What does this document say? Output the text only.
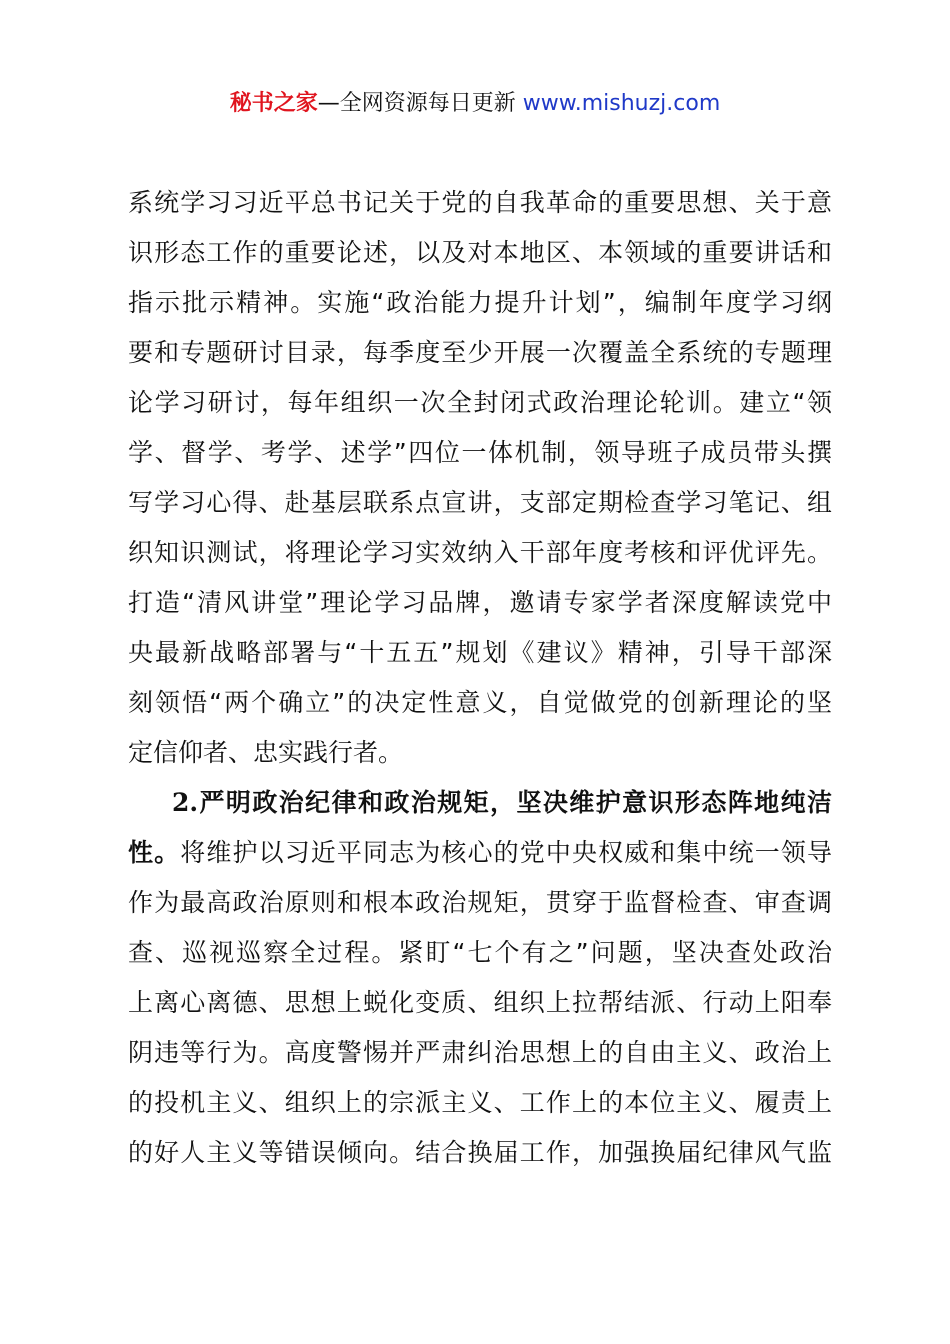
秘书之家—全网资源每日更新 www.mishuzj.com
系统学习习近平总书记关于党的自我革命的重要思想、关于意
识形态工作的重要论述，以及对本地区、本领域的重要讲话和
指示批示精神。实施“政治能力提升计划”，编制年度学习纲
要和专题研讨目录，每季度至少开展一次覆盖全系统的专题理
论学习研讨，每年组织一次全封闭式政治理论轮训。建立“领
学、督学、考学、述学”四位一体机制，领导班子成员带头撰
写学习心得、赴基层联系点宣讲，支部定期检查学习笔记、组
织知识测试，将理论学习实效纳入干部年度考核和评优评先。
打造“清风讲堂”理论学习品牌，邀请专家学者深度解读党中
央最新战略部署与“十五五”规划《建议》精神，引导干部深
刻领悟“两个确立”的决定性意义，自觉做党的创新理论的坚
定信仰者、忠实践行者。
2.严明政治纪律和政治规矩，坚决维护意识形态阵地纯洁
性。将维护以习近平同志为核心的党中央权威和集中统一领导
作为最高政治原则和根本政治规矩，贯穿于监督检查、审查调
查、巡视巡察全过程。紧盯“七个有之”问题，坚决查处政治
上离心离德、思想上蜕化变质、组织上拉帮结派、行动上阳奉
阴违等行为。高度警惕并严肃纠治思想上的自由主义、政治上
的投机主义、组织上的宗派主义、工作上的本位主义、履责上
的好人主义等错误倾向。结合换届工作，加强换届纪律风气监
